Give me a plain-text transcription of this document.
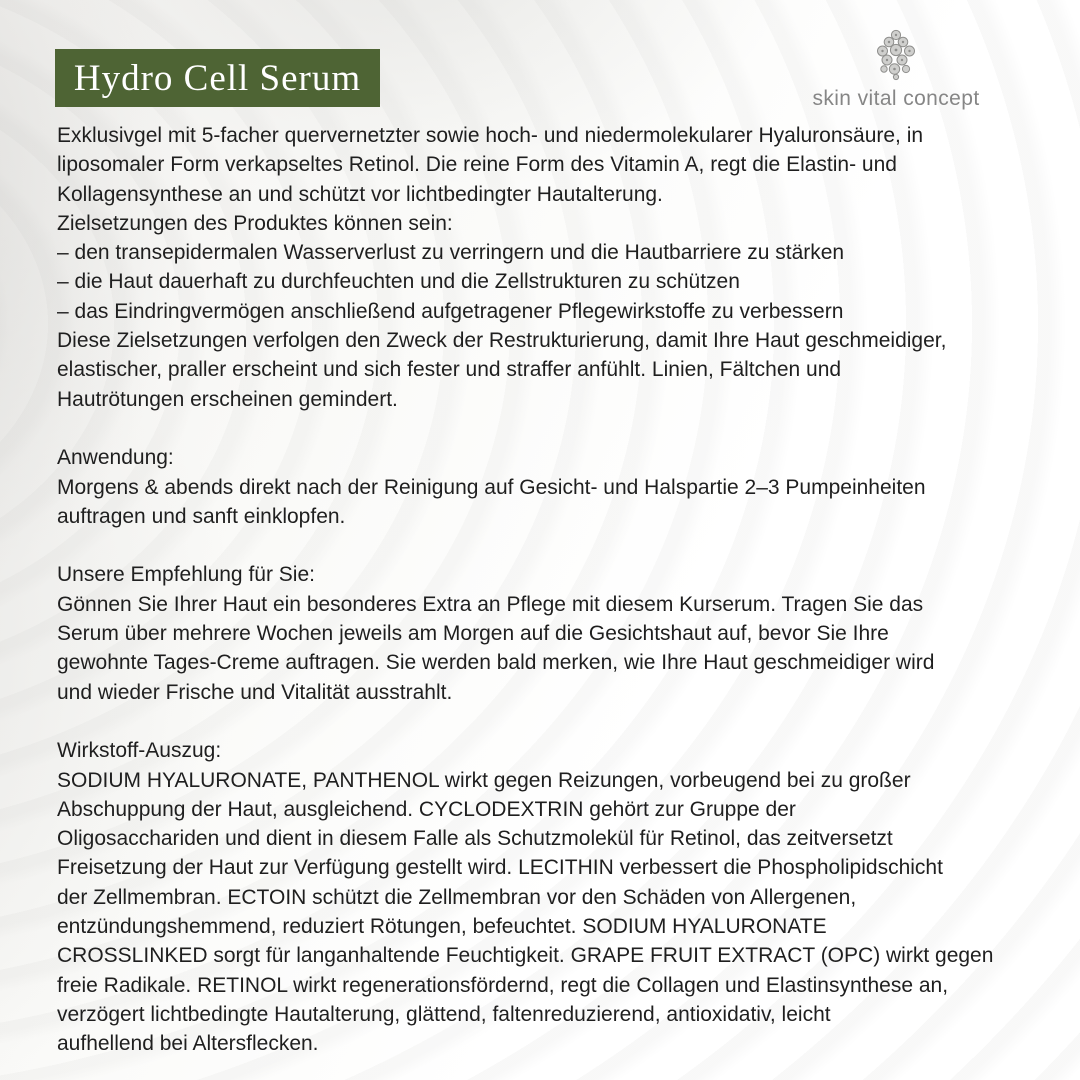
Hydro Cell Serum	skin vital concept
Exklusivgel mit 5-facher quervernetzter sowie hoch- und niedermolekularer Hyaluronsäure, in
liposomaler Form verkapseltes Retinol. Die reine Form des Vitamin A, regt die Elastin- und
Kollagensynthese an und schützt vor lichtbedingter Hautalterung.
Zielsetzungen des Produktes können sein:
– den transepidermalen Wasserverlust zu verringern und die Hautbarriere zu stärken
– die Haut dauerhaft zu durchfeuchten und die Zellstrukturen zu schützen
– das Eindringvermögen anschließend aufgetragener Pflegewirkstoffe zu verbessern
Diese Zielsetzungen verfolgen den Zweck der Restrukturierung, damit Ihre Haut geschmeidiger,
elastischer, praller erscheint und sich fester und straffer anfühlt. Linien, Fältchen und
Hautrötungen erscheinen gemindert.
Anwendung:
Morgens & abends direkt nach der Reinigung auf Gesicht- und Halspartie 2–3 Pumpeinheiten
auftragen und sanft einklopfen.
Unsere Empfehlung für Sie:
Gönnen Sie Ihrer Haut ein besonderes Extra an Pflege mit diesem Kurserum. Tragen Sie das
Serum über mehrere Wochen jeweils am Morgen auf die Gesichtshaut auf, bevor Sie Ihre
gewohnte Tages-Creme auftragen. Sie werden bald merken, wie Ihre Haut geschmeidiger wird
und wieder Frische und Vitalität ausstrahlt.
Wirkstoff-Auszug:
SODIUM HYALURONATE, PANTHENOL wirkt gegen Reizungen, vorbeugend bei zu großer
Abschuppung der Haut, ausgleichend. CYCLODEXTRIN gehört zur Gruppe der
Oligosacchariden und dient in diesem Falle als Schutzmolekül für Retinol, das zeitversetzt
Freisetzung der Haut zur Verfügung gestellt wird. LECITHIN verbessert die Phospholipidschicht
der Zellmembran. ECTOIN schützt die Zellmembran vor den Schäden von Allergenen,
entzündungshemmend, reduziert Rötungen, befeuchtet. SODIUM HYALURONATE
CROSSLINKED sorgt für langanhaltende Feuchtigkeit. GRAPE FRUIT EXTRACT (OPC) wirkt gegen
freie Radikale. RETINOL wirkt regenerationsfördernd, regt die Collagen und Elastinsynthese an,
verzögert lichtbedingte Hautalterung, glättend, faltenreduzierend, antioxidativ, leicht
aufhellend bei Altersflecken.
